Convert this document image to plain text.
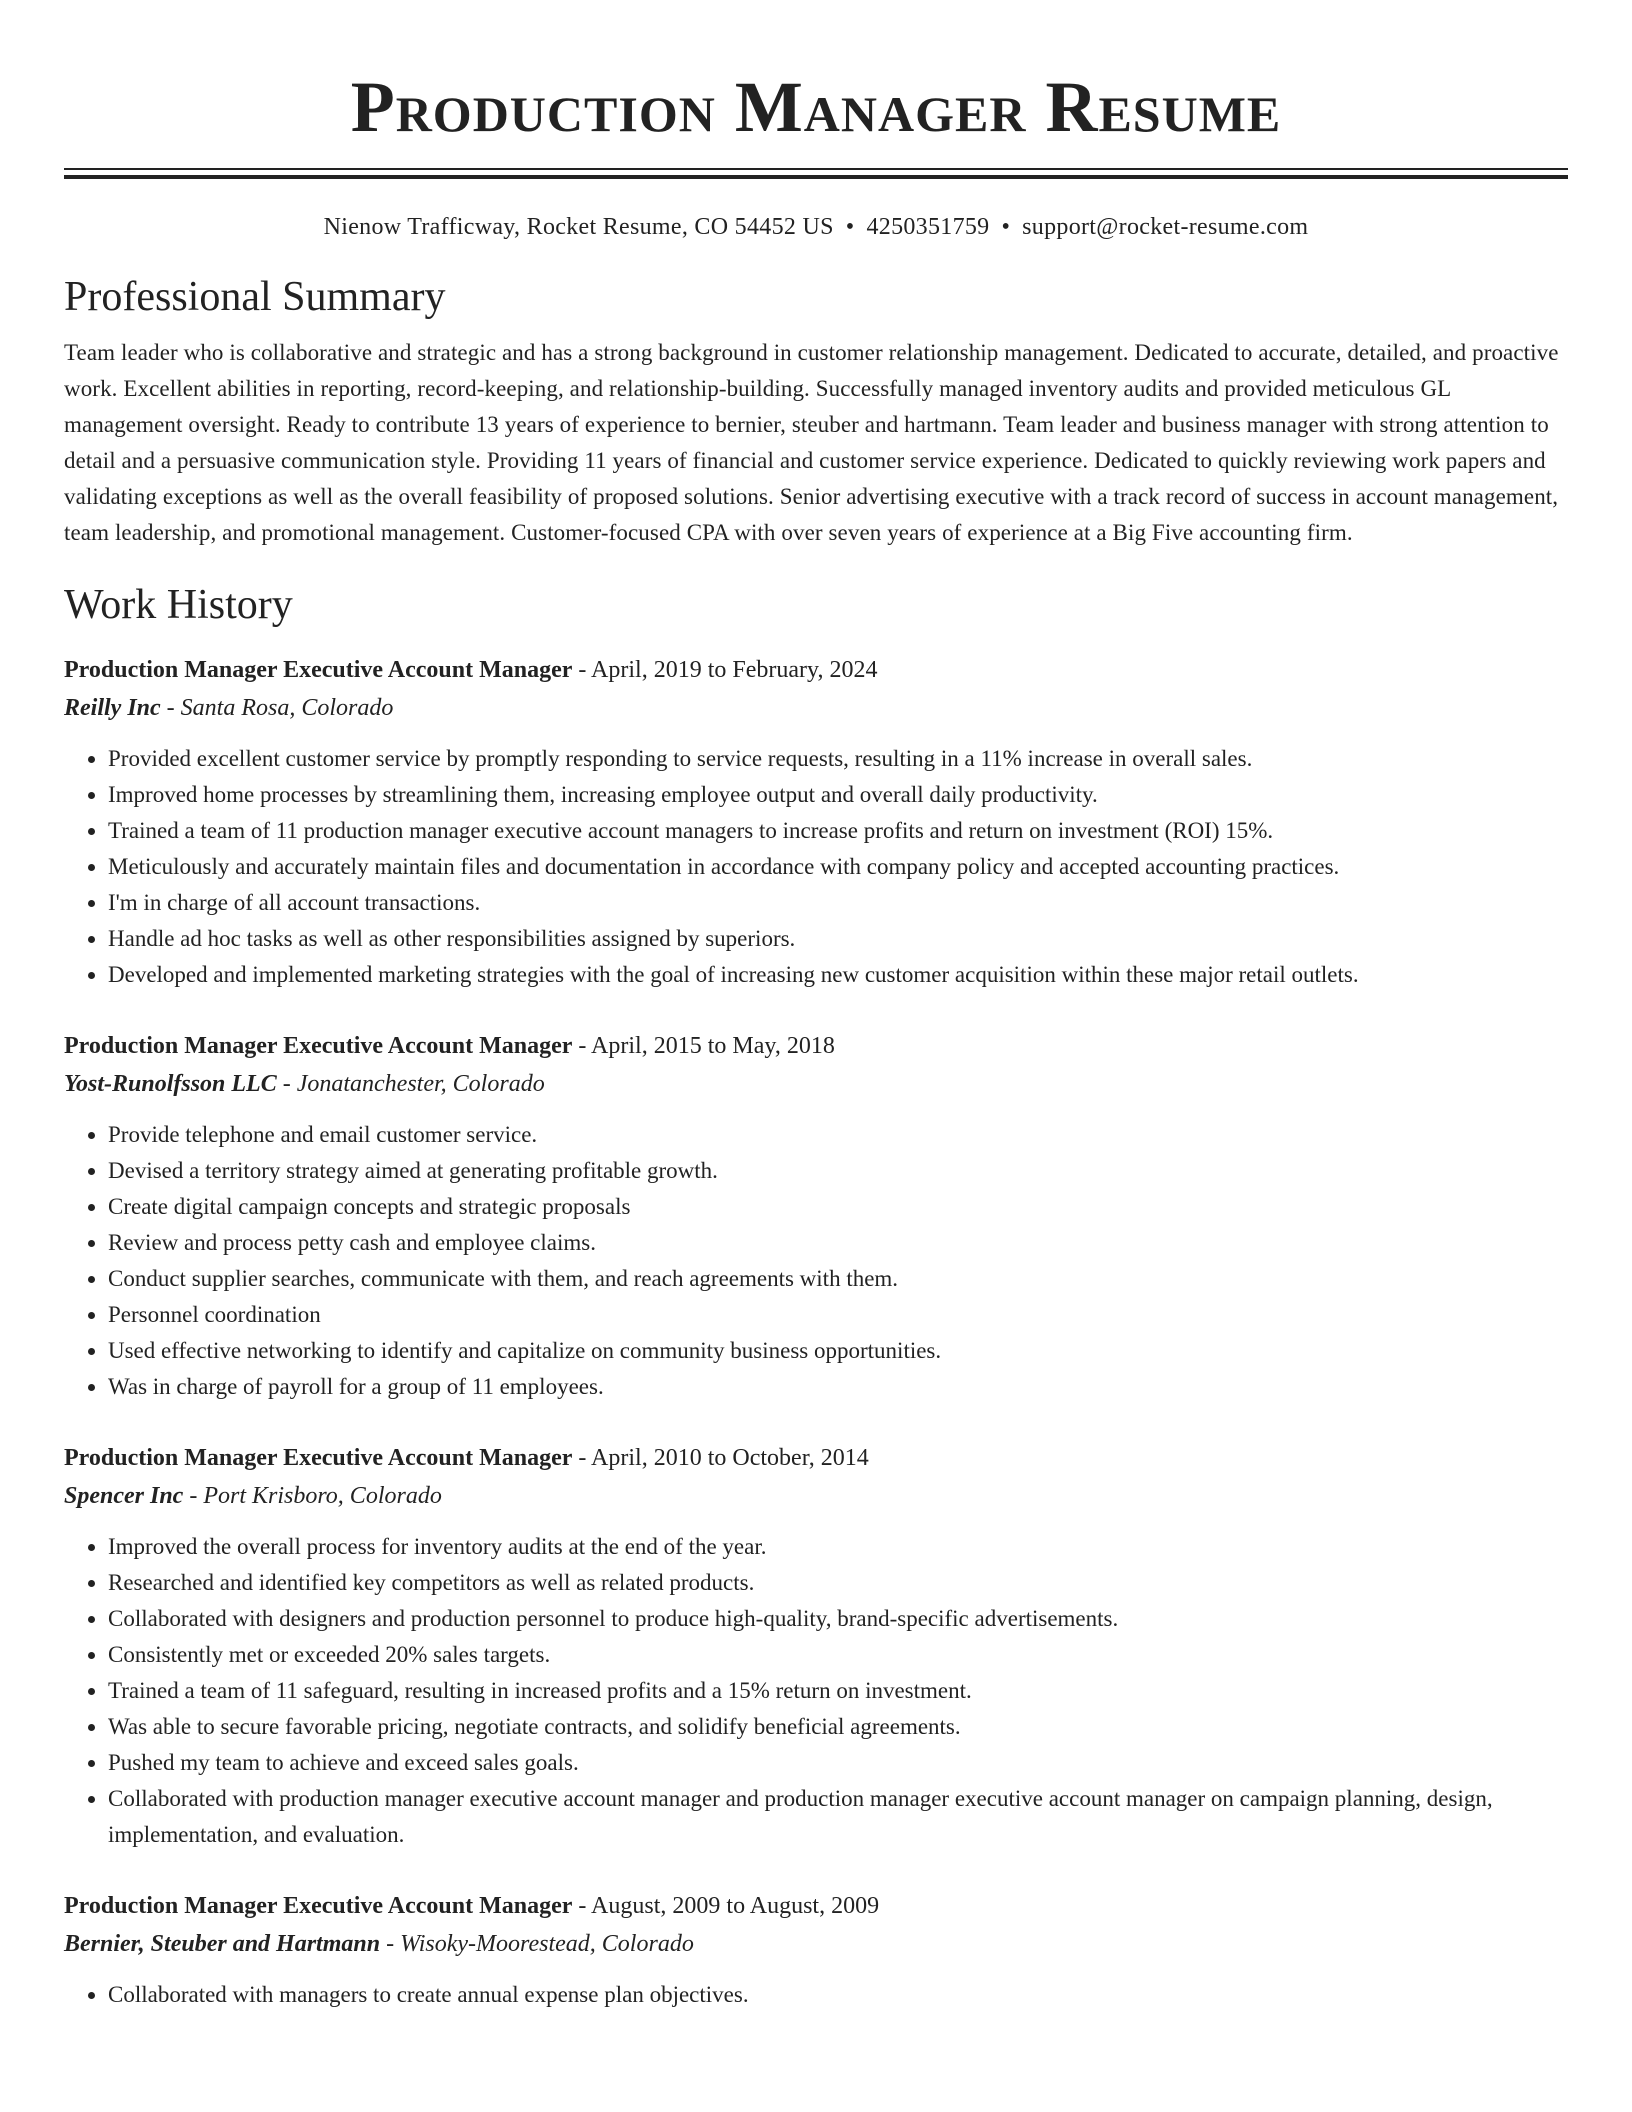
Production Manager Resume
Nienow Trafficway, Rocket Resume, CO 54452 US • 4250351759 • support@rocket-resume.com
Professional Summary

Team leader who is collaborative and strategic and has a strong background in customer relationship management. Dedicated to accurate, detailed, and proactive work. Excellent abilities in reporting, record-keeping, and relationship-building. Successfully managed inventory audits and provided meticulous GL management oversight. Ready to contribute 13 years of experience to bernier, steuber and hartmann. Team leader and business manager with strong attention to detail and a persuasive communication style. Providing 11 years of financial and customer service experience. Dedicated to quickly reviewing work papers and validating exceptions as well as the overall feasibility of proposed solutions. Senior advertising executive with a track record of success in account management, team leadership, and promotional management. Customer-focused CPA with over seven years of experience at a Big Five accounting firm.

Work History
Production Manager Executive Account Manager - April, 2019 to February, 2024
Reilly Inc - Santa Rosa, Colorado
• Provided excellent customer service by promptly responding to service requests, resulting in a 11% increase in overall sales.
• Improved home processes by streamlining them, increasing employee output and overall daily productivity.
• Trained a team of 11 production manager executive account managers to increase profits and return on investment (ROI) 15%.
• Meticulously and accurately maintain files and documentation in accordance with company policy and accepted accounting practices.
• I'm in charge of all account transactions.
• Handle ad hoc tasks as well as other responsibilities assigned by superiors.
• Developed and implemented marketing strategies with the goal of increasing new customer acquisition within these major retail outlets.
Production Manager Executive Account Manager - April, 2015 to May, 2018
Yost-Runolfsson LLC - Jonatanchester, Colorado
• Provide telephone and email customer service.
• Devised a territory strategy aimed at generating profitable growth.
• Create digital campaign concepts and strategic proposals
• Review and process petty cash and employee claims.
• Conduct supplier searches, communicate with them, and reach agreements with them.
• Personnel coordination
• Used effective networking to identify and capitalize on community business opportunities.
• Was in charge of payroll for a group of 11 employees.
Production Manager Executive Account Manager - April, 2010 to October, 2014
Spencer Inc - Port Krisboro, Colorado
• Improved the overall process for inventory audits at the end of the year.
• Researched and identified key competitors as well as related products.
• Collaborated with designers and production personnel to produce high-quality, brand-specific advertisements.
• Consistently met or exceeded 20% sales targets.
• Trained a team of 11 safeguard, resulting in increased profits and a 15% return on investment.
• Was able to secure favorable pricing, negotiate contracts, and solidify beneficial agreements.
• Pushed my team to achieve and exceed sales goals.
• Collaborated with production manager executive account manager and production manager executive account manager on campaign planning, design, implementation, and evaluation.
Production Manager Executive Account Manager - August, 2009 to August, 2009
Bernier, Steuber and Hartmann - Wisoky-Moorestead, Colorado
• Collaborated with managers to create annual expense plan objectives.
